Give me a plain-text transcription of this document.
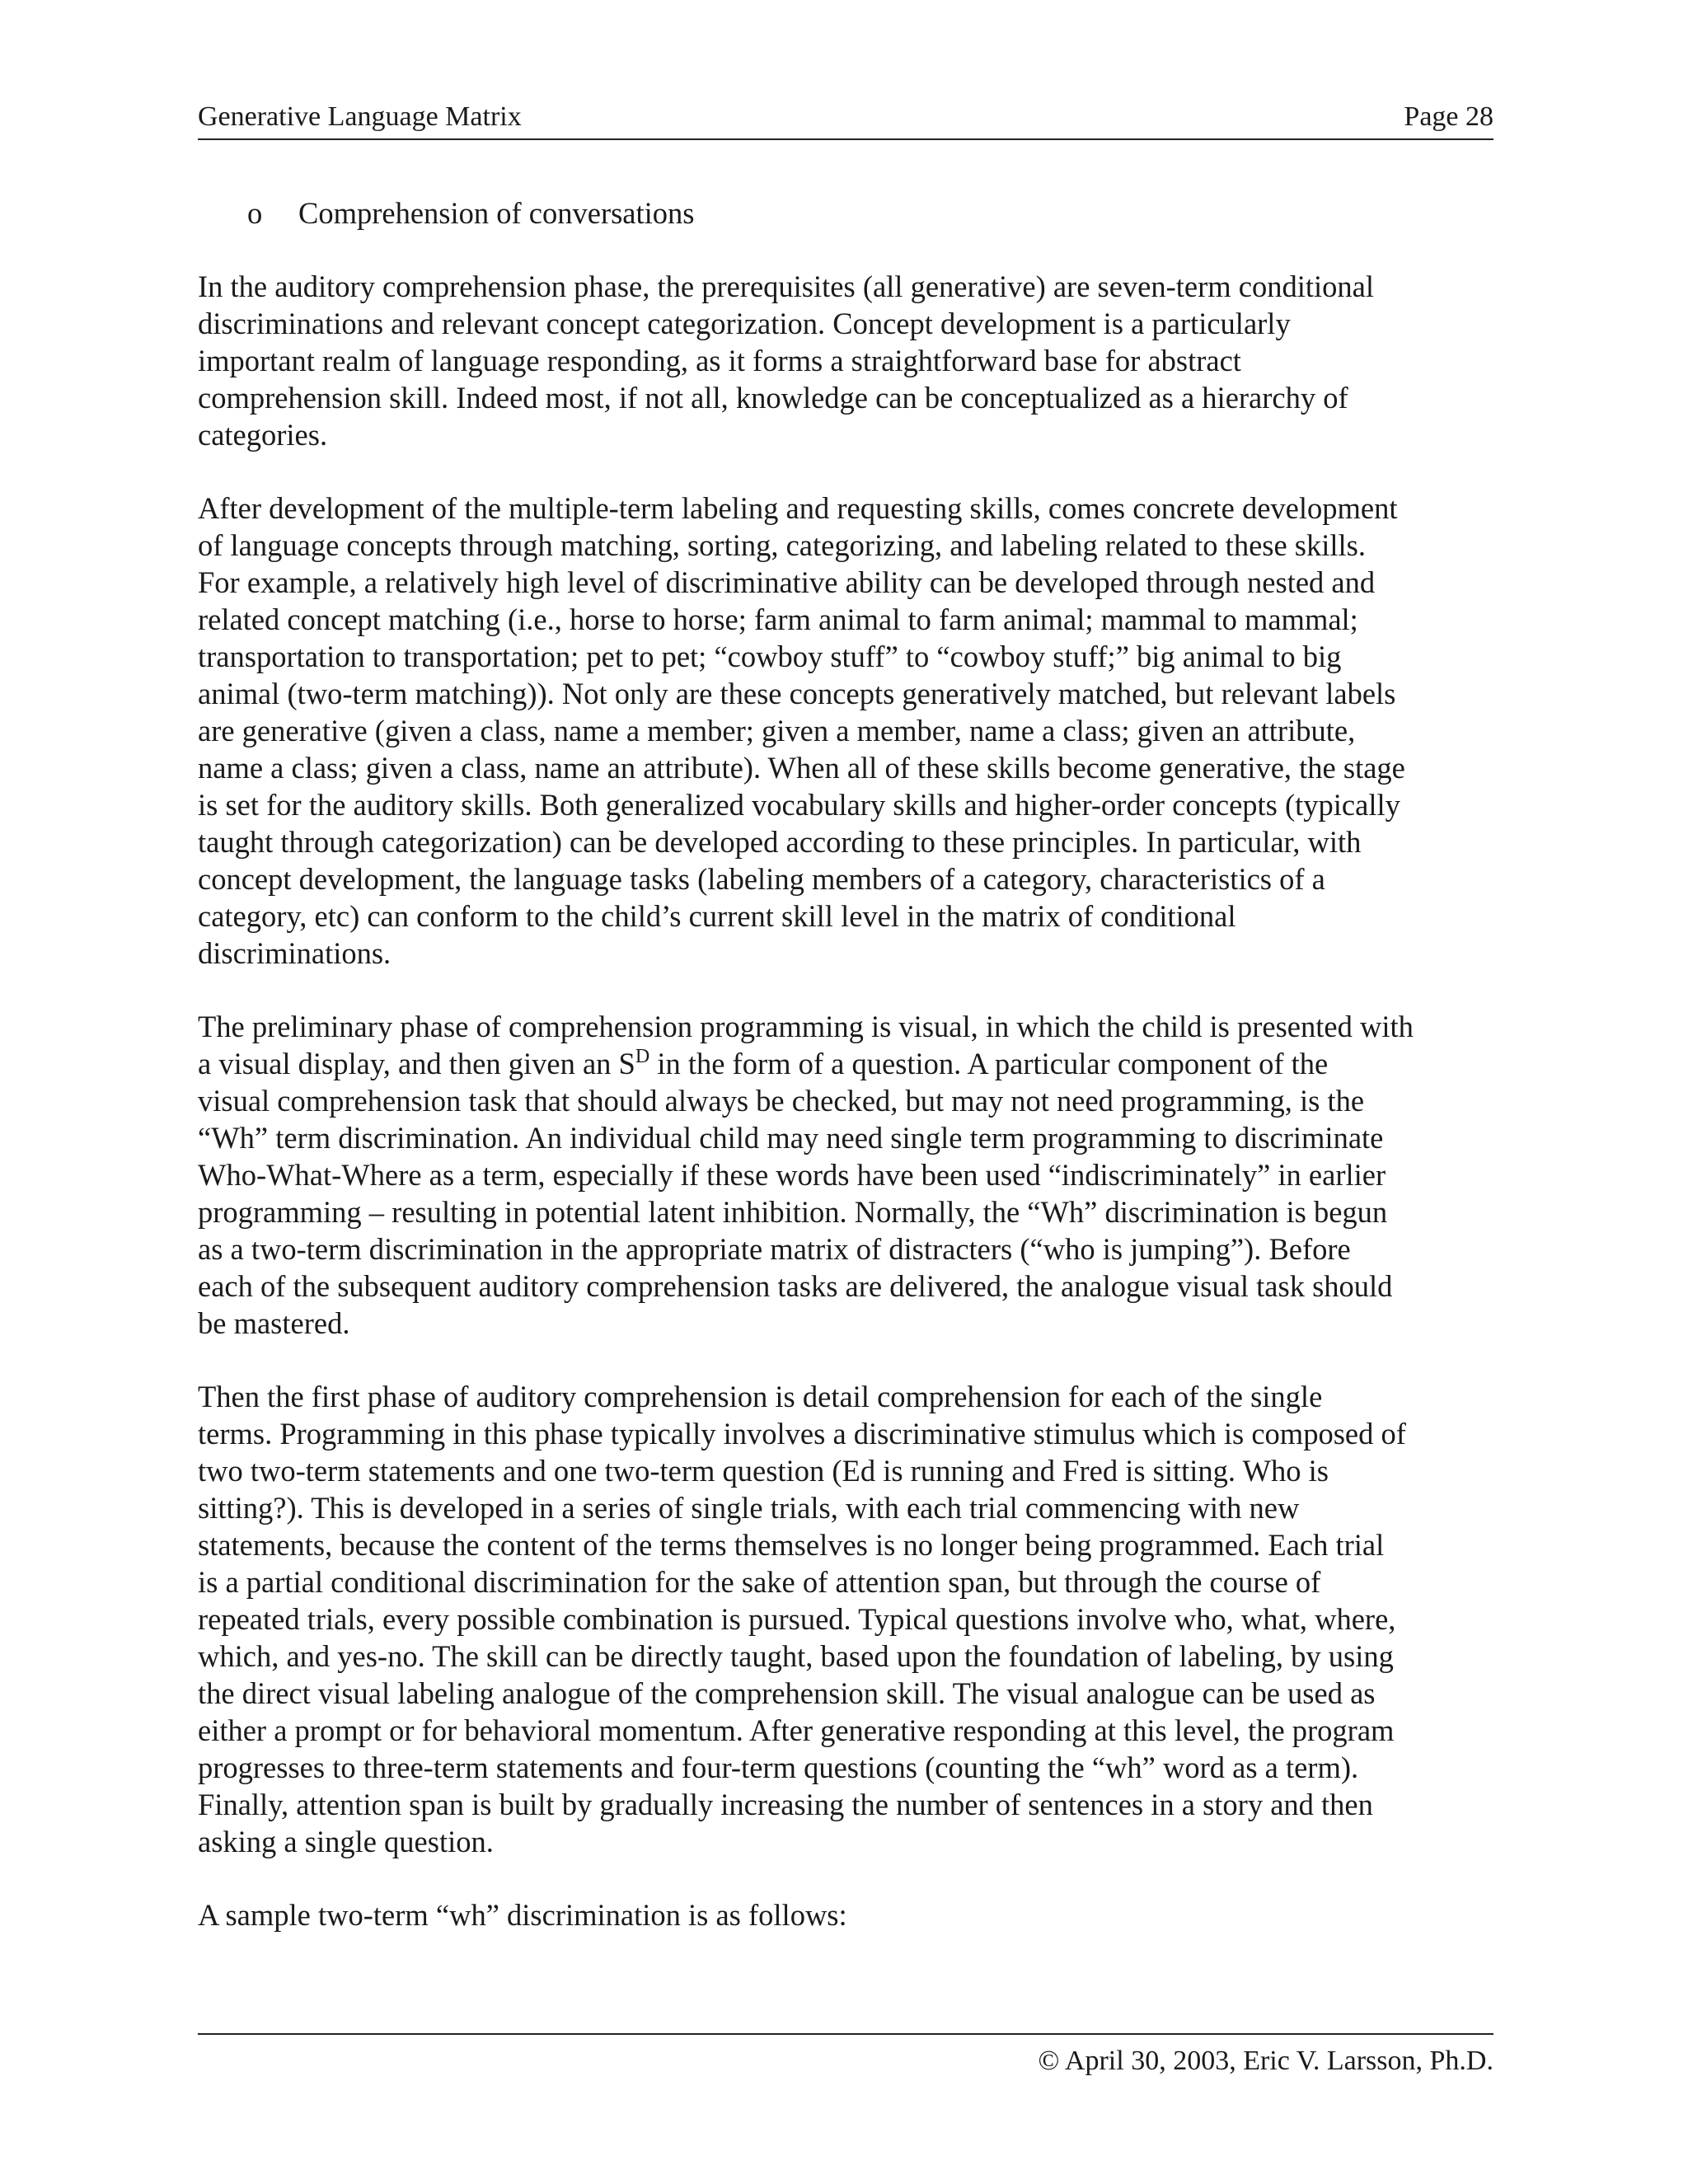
Generative Language Matrix	Page 28
o Comprehension of conversations
In the auditory comprehension phase, the prerequisites (all generative) are seven-term conditional
discriminations and relevant concept categorization. Concept development is a particularly
important realm of language responding, as it forms a straightforward base for abstract
comprehension skill. Indeed most, if not all, knowledge can be conceptualized as a hierarchy of
categories.
After development of the multiple-term labeling and requesting skills, comes concrete development
of language concepts through matching, sorting, categorizing, and labeling related to these skills.
For example, a relatively high level of discriminative ability can be developed through nested and
related concept matching (i.e., horse to horse; farm animal to farm animal; mammal to mammal;
transportation to transportation; pet to pet; “cowboy stuff” to “cowboy stuff;” big animal to big
animal (two-term matching)). Not only are these concepts generatively matched, but relevant labels
are generative (given a class, name a member; given a member, name a class; given an attribute,
name a class; given a class, name an attribute). When all of these skills become generative, the stage
is set for the auditory skills. Both generalized vocabulary skills and higher-order concepts (typically
taught through categorization) can be developed according to these principles. In particular, with
concept development, the language tasks (labeling members of a category, characteristics of a
category, etc) can conform to the child’s current skill level in the matrix of conditional
discriminations.
The preliminary phase of comprehension programming is visual, in which the child is presented with
a visual display, and then given an $S^D$ in the form of a question. A particular component of the
visual comprehension task that should always be checked, but may not need programming, is the
“Wh” term discrimination. An individual child may need single term programming to discriminate
Who-What-Where as a term, especially if these words have been used “indiscriminately” in earlier
programming – resulting in potential latent inhibition. Normally, the “Wh” discrimination is begun
as a two-term discrimination in the appropriate matrix of distracters (“who is jumping”). Before
each of the subsequent auditory comprehension tasks are delivered, the analogue visual task should
be mastered.
Then the first phase of auditory comprehension is detail comprehension for each of the single
terms. Programming in this phase typically involves a discriminative stimulus which is composed of
two two-term statements and one two-term question (Ed is running and Fred is sitting. Who is
sitting?). This is developed in a series of single trials, with each trial commencing with new
statements, because the content of the terms themselves is no longer being programmed. Each trial
is a partial conditional discrimination for the sake of attention span, but through the course of
repeated trials, every possible combination is pursued. Typical questions involve who, what, where,
which, and yes-no. The skill can be directly taught, based upon the foundation of labeling, by using
the direct visual labeling analogue of the comprehension skill. The visual analogue can be used as
either a prompt or for behavioral momentum. After generative responding at this level, the program
progresses to three-term statements and four-term questions (counting the “wh” word as a term).
Finally, attention span is built by gradually increasing the number of sentences in a story and then
asking a single question.
A sample two-term “wh” discrimination is as follows:
© April 30, 2003, Eric V. Larsson, Ph.D.
